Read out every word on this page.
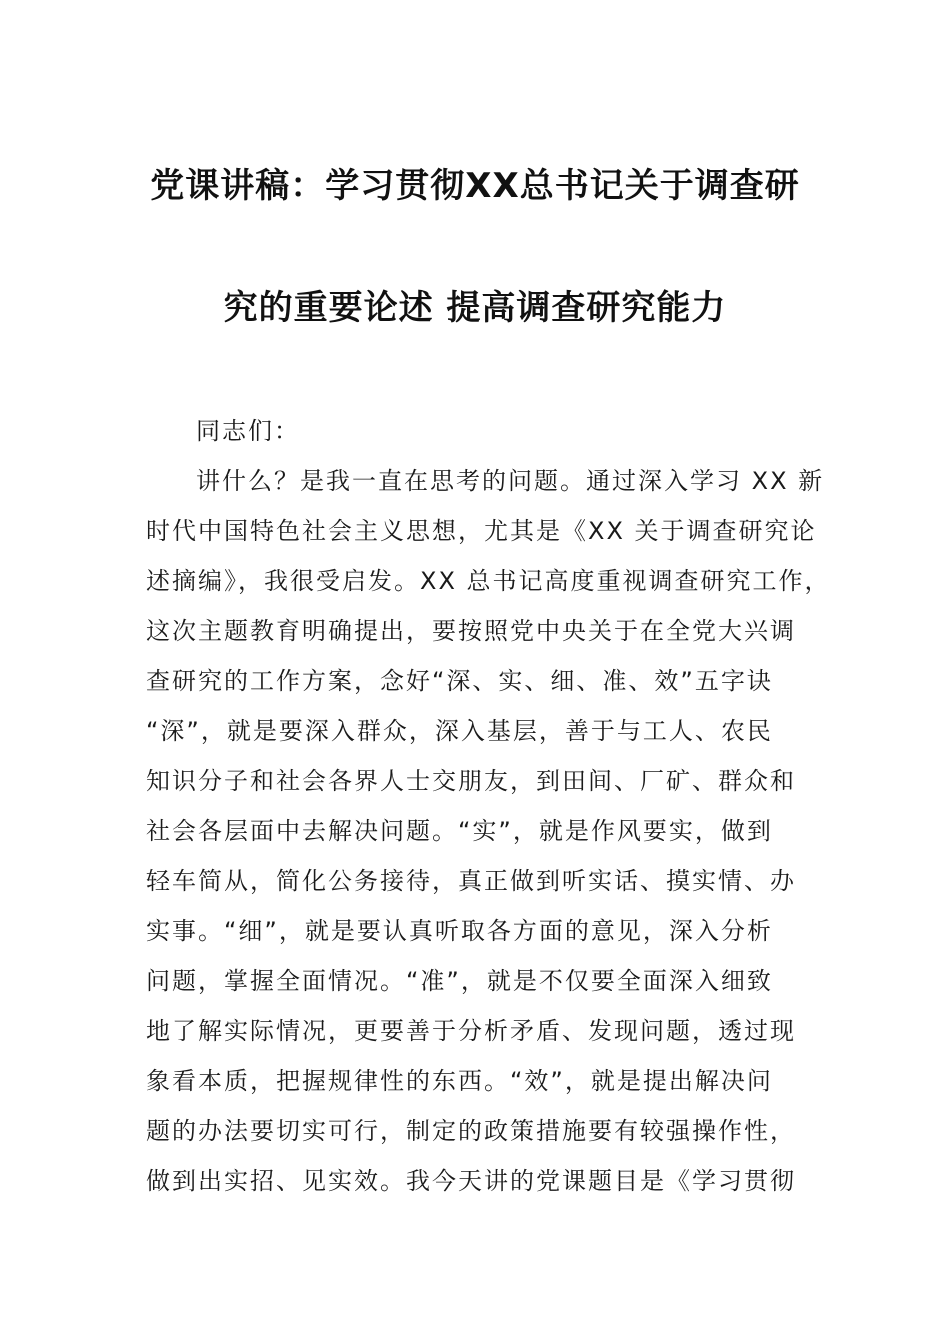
党课讲稿：学习贯彻XX总书记关于调查研
究的重要论述 提高调查研究能力
同志们：
讲什么？是我一直在思考的问题。通过深入学习 XX 新
时代中国特色社会主义思想，尤其是《XX 关于调查研究论
述摘编》，我很受启发。XX 总书记高度重视调查研究工作，
这次主题教育明确提出，要按照党中央关于在全党大兴调
查研究的工作方案，念好“深、实、细、准、效”五字诀
“深”，就是要深入群众，深入基层，善于与工人、农民
知识分子和社会各界人士交朋友，到田间、厂矿、群众和
社会各层面中去解决问题。“实”，就是作风要实，做到
轻车简从，简化公务接待，真正做到听实话、摸实情、办
实事。“细”，就是要认真听取各方面的意见，深入分析
问题，掌握全面情况。“准”，就是不仅要全面深入细致
地了解实际情况，更要善于分析矛盾、发现问题，透过现
象看本质，把握规律性的东西。“效”，就是提出解决问
题的办法要切实可行，制定的政策措施要有较强操作性，
做到出实招、见实效。我今天讲的党课题目是《学习贯彻
